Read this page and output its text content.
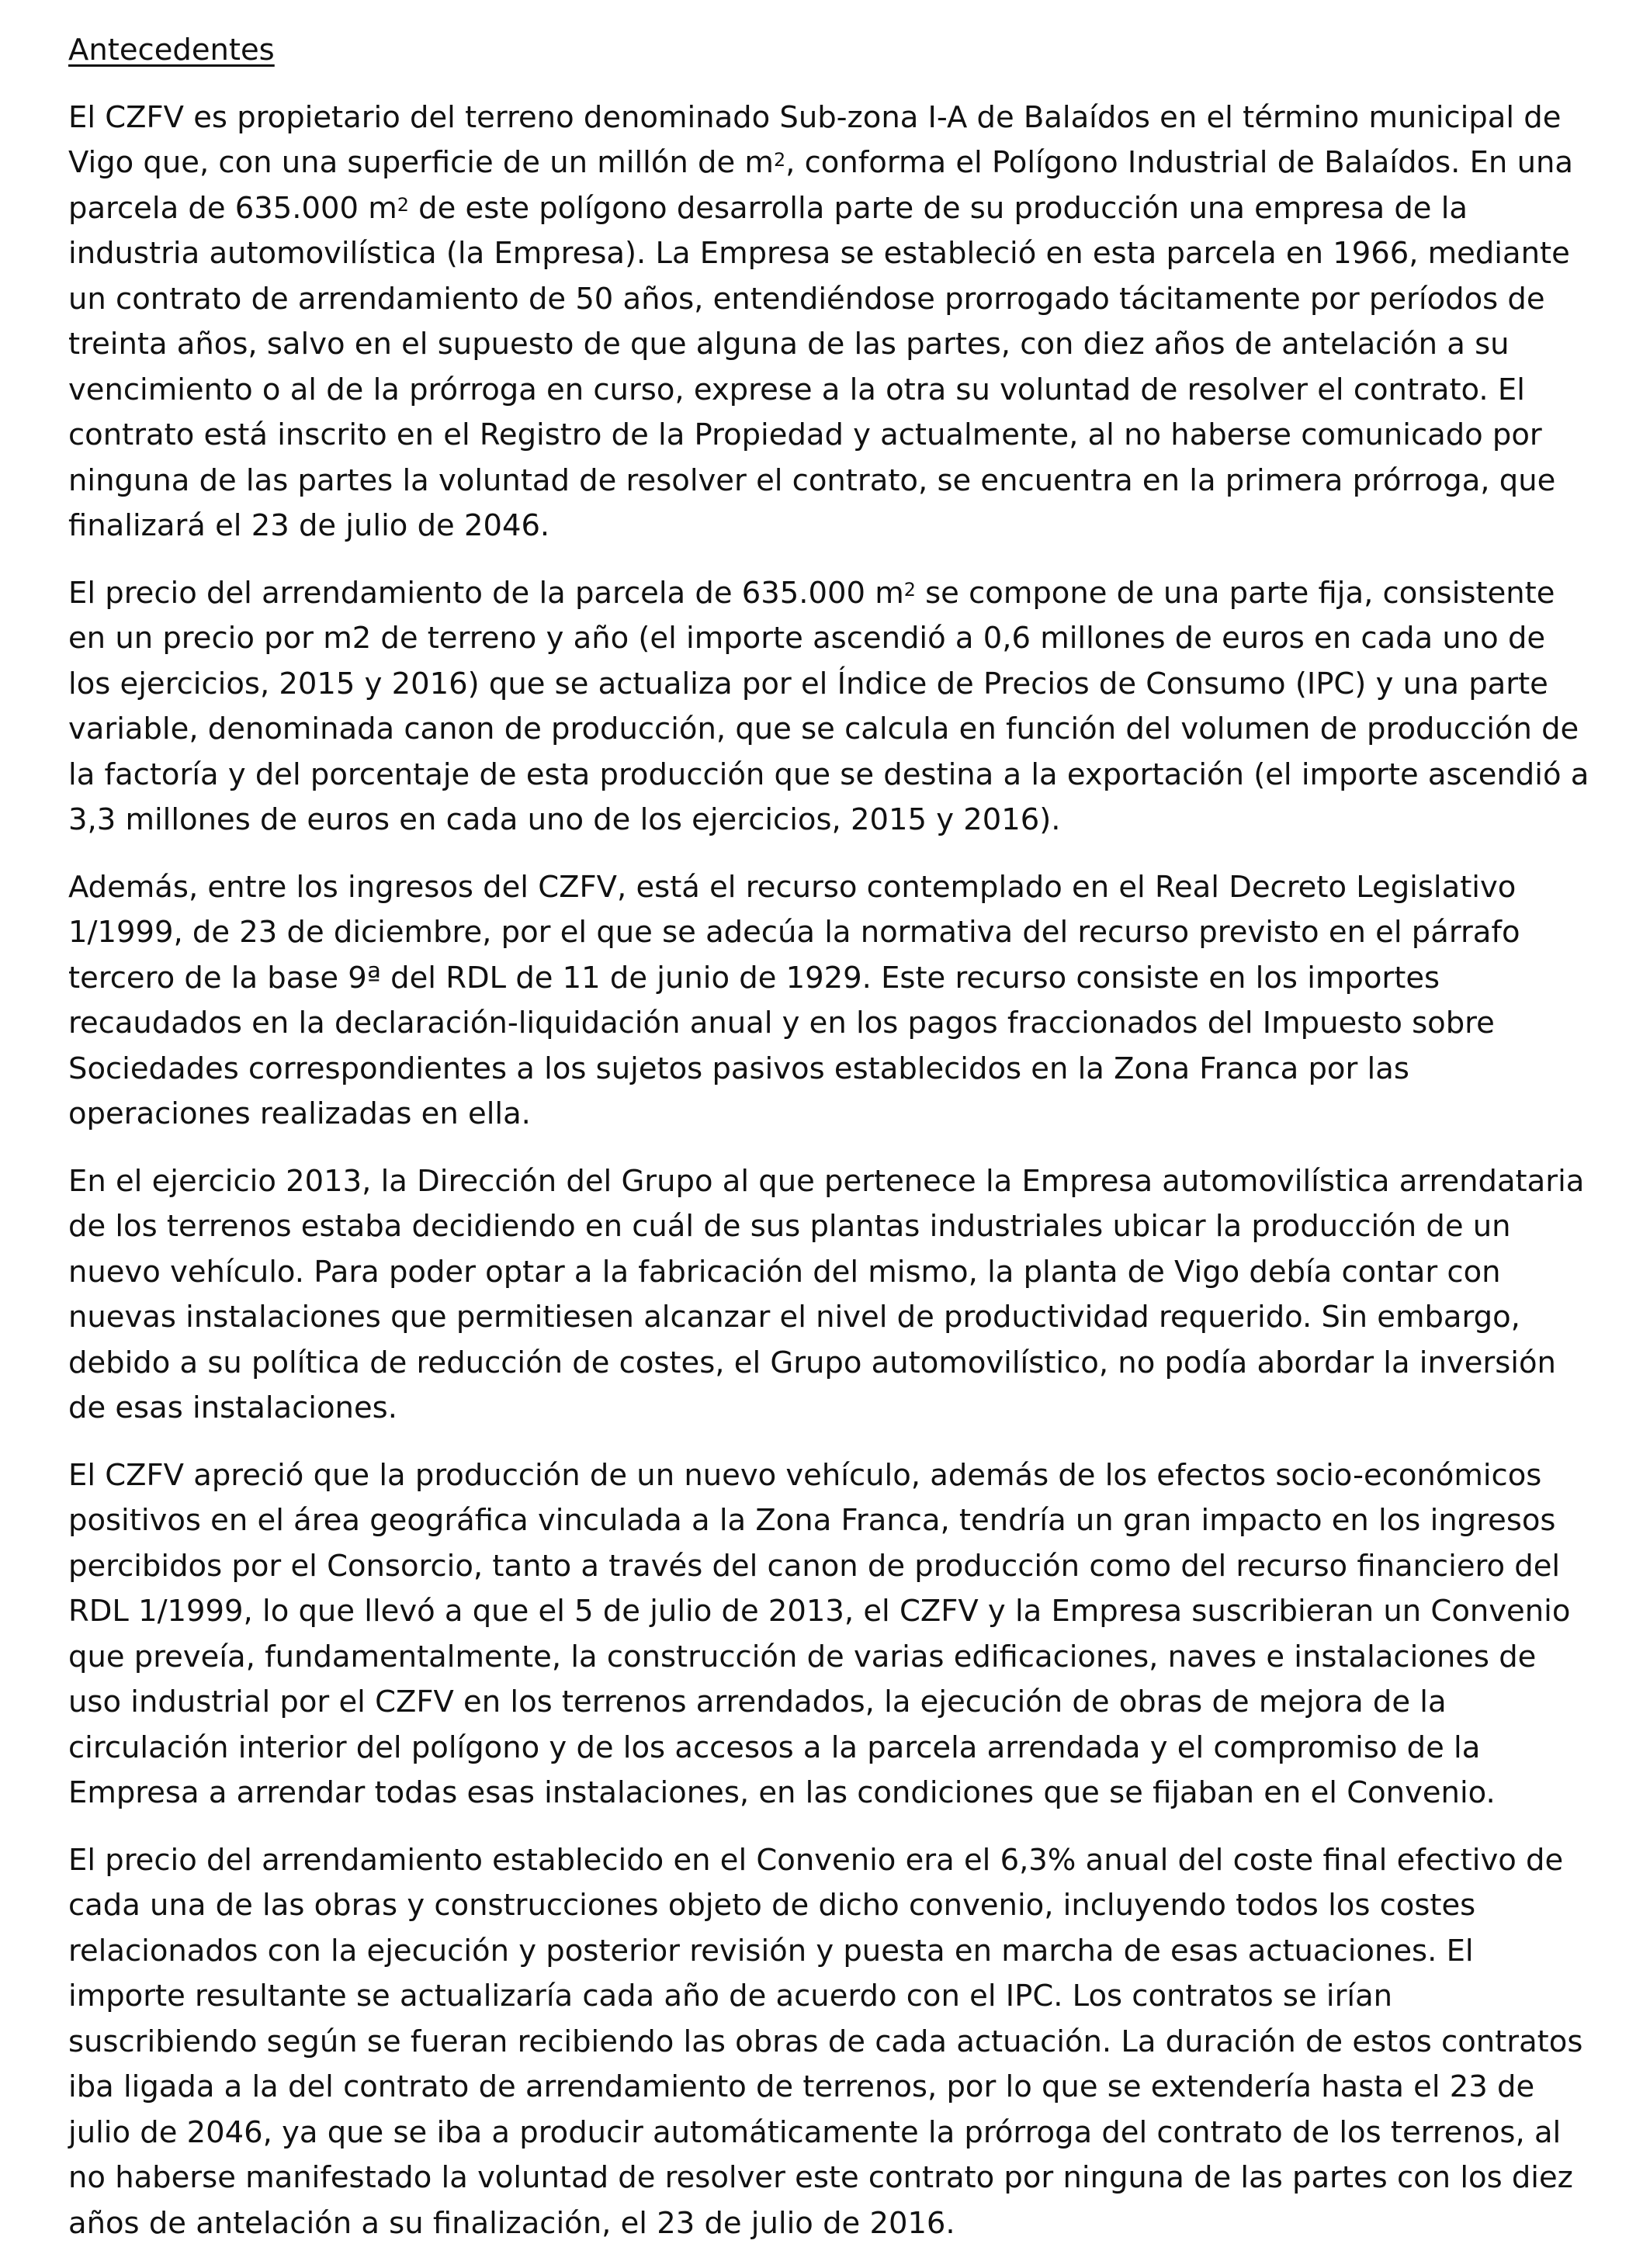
Antecedentes

El CZFV es propietario del terreno denominado Sub-zona I-A de Balaídos en el término municipal de Vigo que, con una superficie de un millón de $m^2$, conforma el Polígono Industrial de Balaídos. En una parcela de 635.000 $m^2$ de este polígono desarrolla parte de su producción una empresa de la industria automovilística (la Empresa). La Empresa se estableció en esta parcela en 1966, mediante un contrato de arrendamiento de 50 años, entendiéndose prorrogado tácitamente por períodos de treinta años, salvo en el supuesto de que alguna de las partes, con diez años de antelación a su vencimiento o al de la prórroga en curso, exprese a la otra su voluntad de resolver el contrato. El contrato está inscrito en el Registro de la Propiedad y actualmente, al no haberse comunicado por ninguna de las partes la voluntad de resolver el contrato, se encuentra en la primera prórroga, que finalizará el 23 de julio de 2046.

El precio del arrendamiento de la parcela de 635.000 $m^2$ se compone de una parte fija, consistente en un precio por m2 de terreno y año (el importe ascendió a 0,6 millones de euros en cada uno de los ejercicios, 2015 y 2016) que se actualiza por el Índice de Precios de Consumo (IPC) y una parte variable, denominada canon de producción, que se calcula en función del volumen de producción de la factoría y del porcentaje de esta producción que se destina a la exportación (el importe ascendió a 3,3 millones de euros en cada uno de los ejercicios, 2015 y 2016).

Además, entre los ingresos del CZFV, está el recurso contemplado en el Real Decreto Legislativo 1/1999, de 23 de diciembre, por el que se adecúa la normativa del recurso previsto en el párrafo tercero de la base 9ª del RDL de 11 de junio de 1929. Este recurso consiste en los importes recaudados en la declaración-liquidación anual y en los pagos fraccionados del Impuesto sobre Sociedades correspondientes a los sujetos pasivos establecidos en la Zona Franca por las operaciones realizadas en ella.

En el ejercicio 2013, la Dirección del Grupo al que pertenece la Empresa automovilística arrendataria de los terrenos estaba decidiendo en cuál de sus plantas industriales ubicar la producción de un nuevo vehículo. Para poder optar a la fabricación del mismo, la planta de Vigo debía contar con nuevas instalaciones que permitiesen alcanzar el nivel de productividad requerido. Sin embargo, debido a su política de reducción de costes, el Grupo automovilístico, no podía abordar la inversión de esas instalaciones.

El CZFV apreció que la producción de un nuevo vehículo, además de los efectos socio-económicos positivos en el área geográfica vinculada a la Zona Franca, tendría un gran impacto en los ingresos percibidos por el Consorcio, tanto a través del canon de producción como del recurso financiero del RDL 1/1999, lo que llevó a que el 5 de julio de 2013, el CZFV y la Empresa suscribieran un Convenio que preveía, fundamentalmente, la construcción de varias edificaciones, naves e instalaciones de uso industrial por el CZFV en los terrenos arrendados, la ejecución de obras de mejora de la circulación interior del polígono y de los accesos a la parcela arrendada y el compromiso de la Empresa a arrendar todas esas instalaciones, en las condiciones que se fijaban en el Convenio.

El precio del arrendamiento establecido en el Convenio era el 6,3% anual del coste final efectivo de cada una de las obras y construcciones objeto de dicho convenio, incluyendo todos los costes relacionados con la ejecución y posterior revisión y puesta en marcha de esas actuaciones. El importe resultante se actualizaría cada año de acuerdo con el IPC. Los contratos se irían suscribiendo según se fueran recibiendo las obras de cada actuación. La duración de estos contratos iba ligada a la del contrato de arrendamiento de terrenos, por lo que se extendería hasta el 23 de julio de 2046, ya que se iba a producir automáticamente la prórroga del contrato de los terrenos, al no haberse manifestado la voluntad de resolver este contrato por ninguna de las partes con los diez años de antelación a su finalización, el 23 de julio de 2016.
